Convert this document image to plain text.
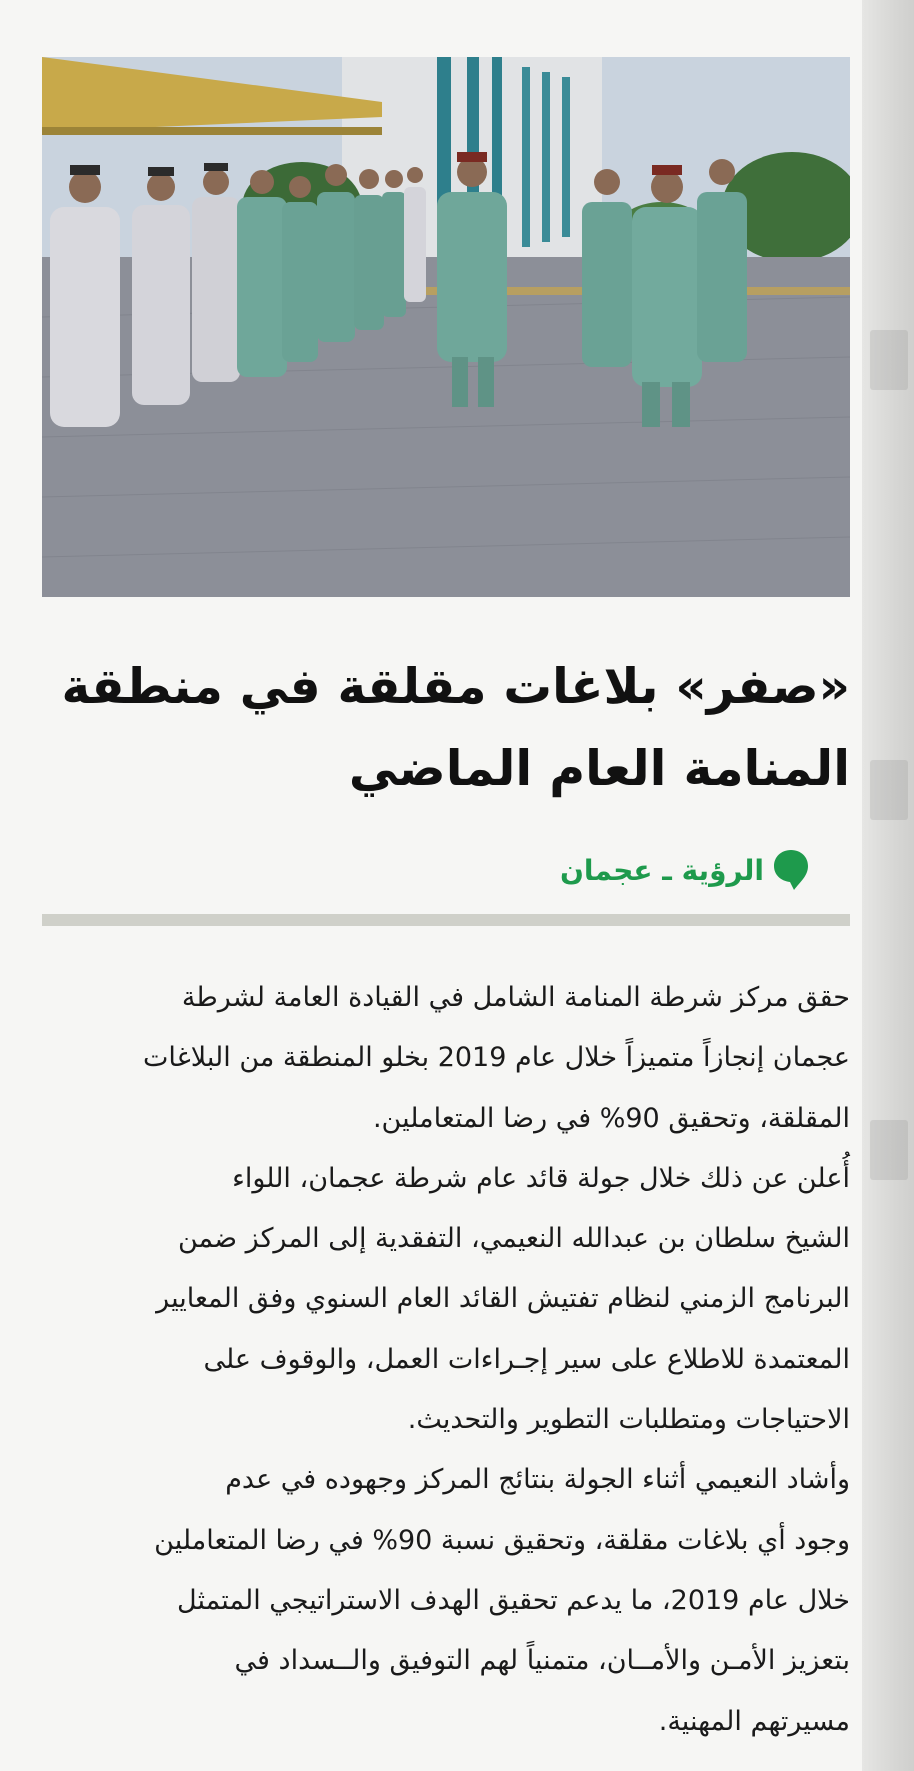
«صفر» بلاغات مقلقة في منطقة
المنامة العام الماضي
الرؤية ـ عجمان
حقق مركز شرطة المنامة الشامل في القيادة العامة لشرطة
عجمان إنجازاً متميزاً خلال عام 2019 بخلو المنطقة من البلاغات
المقلقة، وتحقيق 90% في رضا المتعاملين.
أُعلن عن ذلك خلال جولة قائد عام شرطة عجمان، اللواء
الشيخ سلطان بن عبدالله النعيمي، التفقدية إلى المركز ضمن
البرنامج الزمني لنظام تفتيش القائد العام السنوي وفق المعايير
المعتمدة للاطلاع على سير إجـراءات العمل، والوقوف على
الاحتياجات ومتطلبات التطوير والتحديث.
وأشاد النعيمي أثناء الجولة بنتائج المركز وجهوده في عدم
وجود أي بلاغات مقلقة، وتحقيق نسبة 90% في رضا المتعاملين
خلال عام 2019، ما يدعم تحقيق الهدف الاستراتيجي المتمثل
بتعزيز الأمـن والأمــان، متمنياً لهم التوفيق والــسداد في
مسيرتهم المهنية.
